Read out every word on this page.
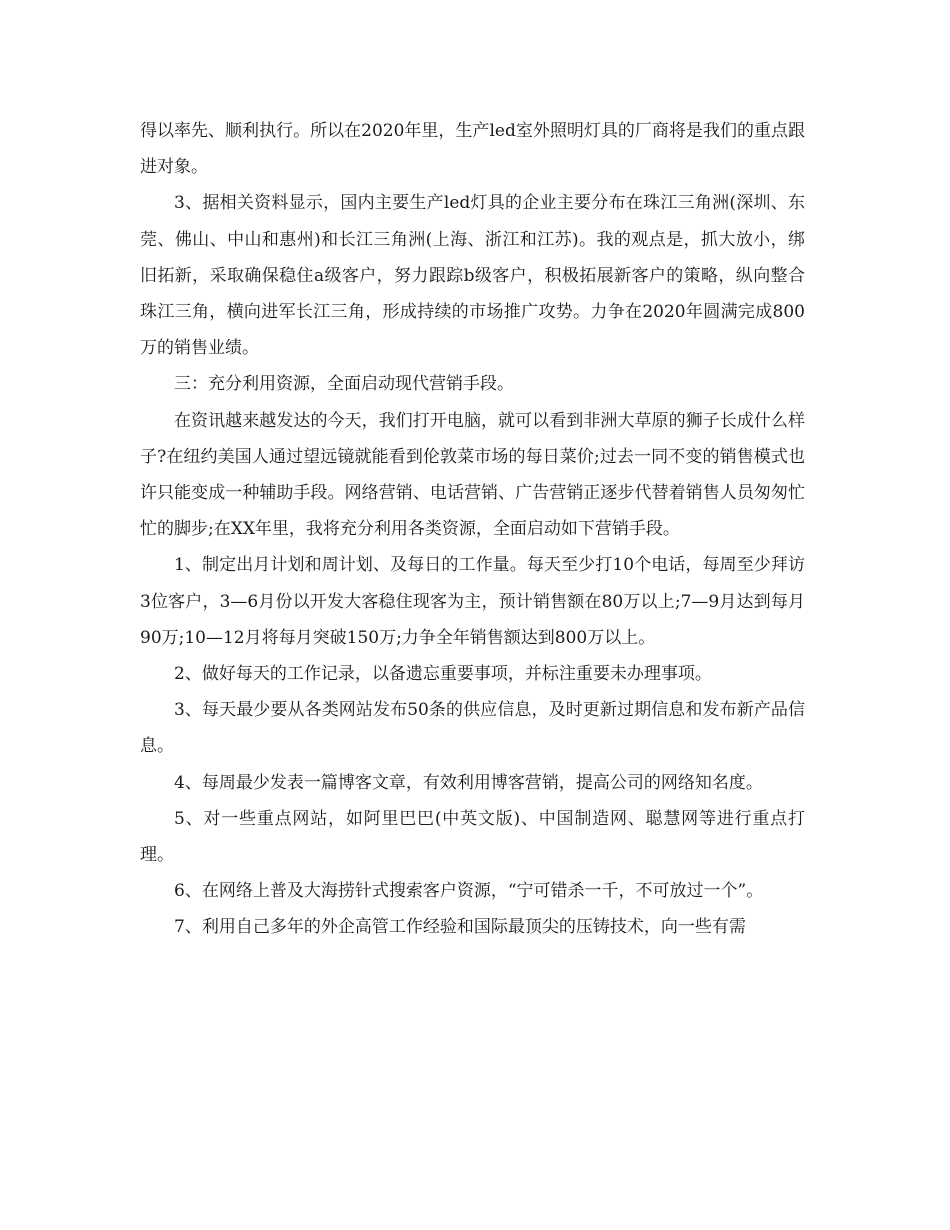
得以率先、顺利执行。所以在2020年里，生产led室外照明灯具的厂商将是我们的重点跟进对象。

3、据相关资料显示，国内主要生产led灯具的企业主要分布在珠江三角洲(深圳、东莞、佛山、中山和惠州)和长江三角洲(上海、浙江和江苏)。我的观点是，抓大放小，绑旧拓新，采取确保稳住a级客户，努力跟踪b级客户，积极拓展新客户的策略，纵向整合珠江三角，横向进军长江三角，形成持续的市场推广攻势。力争在2020年圆满完成800万的销售业绩。

三：充分利用资源，全面启动现代营销手段。

在资讯越来越发达的今天，我们打开电脑，就可以看到非洲大草原的狮子长成什么样子?在纽约美国人通过望远镜就能看到伦敦菜市场的每日菜价;过去一同不变的销售模式也许只能变成一种辅助手段。网络营销、电话营销、广告营销正逐步代替着销售人员匆匆忙忙的脚步;在XX年里，我将充分利用各类资源，全面启动如下营销手段。

1、制定出月计划和周计划、及每日的工作量。每天至少打10个电话，每周至少拜访3位客户，3—6月份以开发大客稳住现客为主，预计销售额在80万以上;7—9月达到每月90万;10—12月将每月突破150万;力争全年销售额达到800万以上。

2、做好每天的工作记录，以备遗忘重要事项，并标注重要未办理事项。

3、每天最少要从各类网站发布50条的供应信息，及时更新过期信息和发布新产品信息。

4、每周最少发表一篇博客文章，有效利用博客营销，提高公司的网络知名度。

5、对一些重点网站，如阿里巴巴(中英文版)、中国制造网、聪慧网等进行重点打理。

6、在网络上普及大海捞针式搜索客户资源，“宁可错杀一千，不可放过一个”。

7、利用自己多年的外企高管工作经验和国际最顶尖的压铸技术，向一些有需
